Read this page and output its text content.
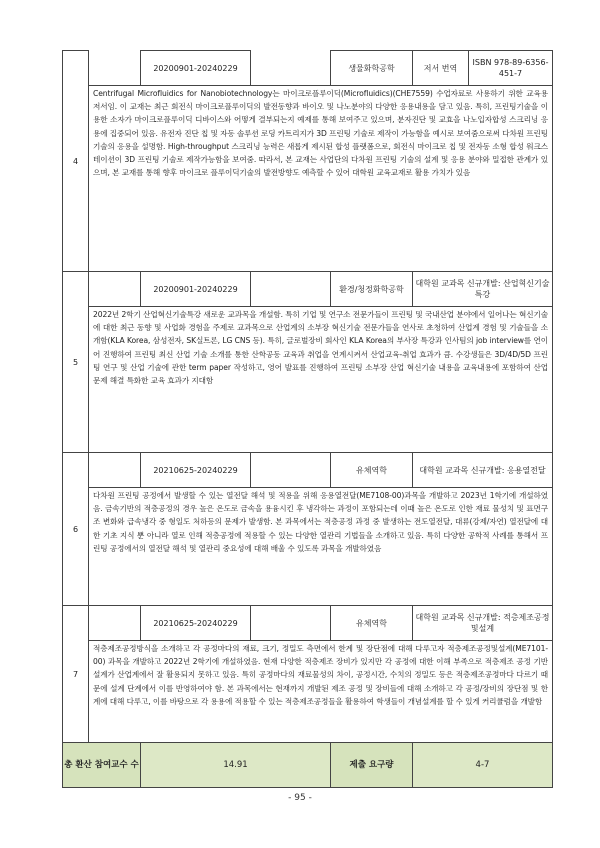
4		20200901-20240229		생물화학공학	저서 번역	ISBN 978-89-6356-451-7
	Centrifugal Microfluidics for Nanobiotechnology는 마이크로플루이딕(Microfluidics)(CHE7559) 수업자료로 사용하기 위한 교육용 저서임. 이 교재는 최근 회전식 마이크로플루이딕의 발전동향과 바이오 및 나노분야의 다양한 응용내용을 담고 있음. 특히, 프린팅기술을 이용한 소자가 마이크로플루이딕 디바이스와 어떻게 결부되는지 예제를 통해 보여주고 있으며, 분자진단 및 교효을 나노입자합성 스크리닝 응용에 집중되어 있음. 유전자 진단 칩 및 자동 솔루션 로딩 카트리지가 3D 프린팅 기술로 제작이 가능함을 예시로 보여줌으로써 다차원 프린팅 기술의 응용을 설명함. High-throughput 스크리닝 능력은 새롭게 제시된 합성 플랫폼으로, 회전식 마이크로 칩 및 전자동 소형 합성 워크스테이션이 3D 프린팅 기술로 제작가능함을 보여줌. 따라서, 본 교재는 사업단의 다차원 프린팅 기술의 설계 및 응용 분야와 밀접한 관계가 있으며, 본 교재를 통해 향후 마이크로 플루이딕기술의 발전방향도 예측할 수 있어 대학원 교육교재로 활용 가치가 있음					
5		20200901-20240229		환경/청정화학공학	대학원 교과목 신규개발: 산업혁신기술특강	
	2022년 2학기 산업혁신기술특강 새로운 교과목을 개설함. 특히 기업 및 연구소 전문가들이 프린팅 및 국내산업 분야에서 일어나는 혁신기술에 대한 최근 동향 및 사업화 경험을 주제로 교과목으로 산업계의 소부장 혁신기술 전문가들을 연사로 초청하여 산업계 경험 및 기술들을 소개함(KLA Korea, 삼성전자, SK실트론, LG CNS 등). 특히, 글로벌장비 회사인 KLA Korea의 부사장 특강과 인사팀의 job interview를 연이어 진행하여 프린팅 최신 산업 기술 소개를 통한 산학공동 교육과 취업을 연계시켜서 산업교육-취업 효과가 큼. 수강생들은 3D/4D/5D 프린팅 연구 및 산업 기술에 관한 term paper 작성하고, 영어 발표를 진행하여 프린팅 소부장 산업 혁신기술 내용을 교육내용에 포함하여 산업 문제 해결 특화한 교육 효과가 지대함					
6		20210625-20240229		유체역학	대학원 교과목 신규개발: 응용열전달	
	다차원 프린팅 공정에서 발생할 수 있는 열전달 해석 및 적용을 위해 응용열전달(ME7108-00)과목을 개발하고 2023년 1학기에 개설하였음. 금속기반의 적층공정의 경우 높은 온도로 금속을 용융시킨 후 냉각하는 과정이 포함되는데 이때 높은 온도로 인한 재료 물성치 및 표면구조 변화와 급속냉각 중 형일도 처하등의 문제가 발생함. 본 과목에서는 적층공정 과정 중 발생하는 전도열전달, 대류(강제/자연) 열전달에 대한 기초 지식 뿐 아니라 열로 인해 적층공정에 적용할 수 있는 다양한 열관리 기법들을 소개하고 있음. 특히 다양한 공학적 사례를 통해서 프린팅 공정에서의 열전달 해석 및 열관리 중요성에 대해 배울 수 있도록 과목을 개발하였음					
7		20210625-20240229		유체역학	대학원 교과목 신규개발: 적층제조공정및설계	
	적층제조공정방식을 소개하고 각 공정마다의 재료, 크기, 정밀도 측면에서 한계 및 장단점에 대해 다루고자 적층제조공정및설계(ME7101-00) 과목을 개발하고 2022년 2학기에 개설하였음. 현재 다양한 적층제조 장비가 있지만 각 공정에 대한 이해 부족으로 적층제조 공정 기반 설계가 산업계에서 잘 활용되지 못하고 있음. 특히 공정마다의 재료물성의 차이, 공정시간, 수치의 정밀도 등은 적층제조공정마다 다르기 때문에 설계 단계에서 이를 반영하여야 함. 본 과목에서는 현재까지 개발된 제조 공정 및 장비들에 대해 소개하고 각 공정/장비의 장단점 및 한계에 대해 다루고, 이를 바탕으로 각 용용에 적용할 수 있는 적층제조공정들을 활용하여 학생들이 개념설계를 할 수 있게 커리큘럼을 개발함					
총 환산 참여교수 수		14.91		제출 요구량	4-7	
- 95 -
